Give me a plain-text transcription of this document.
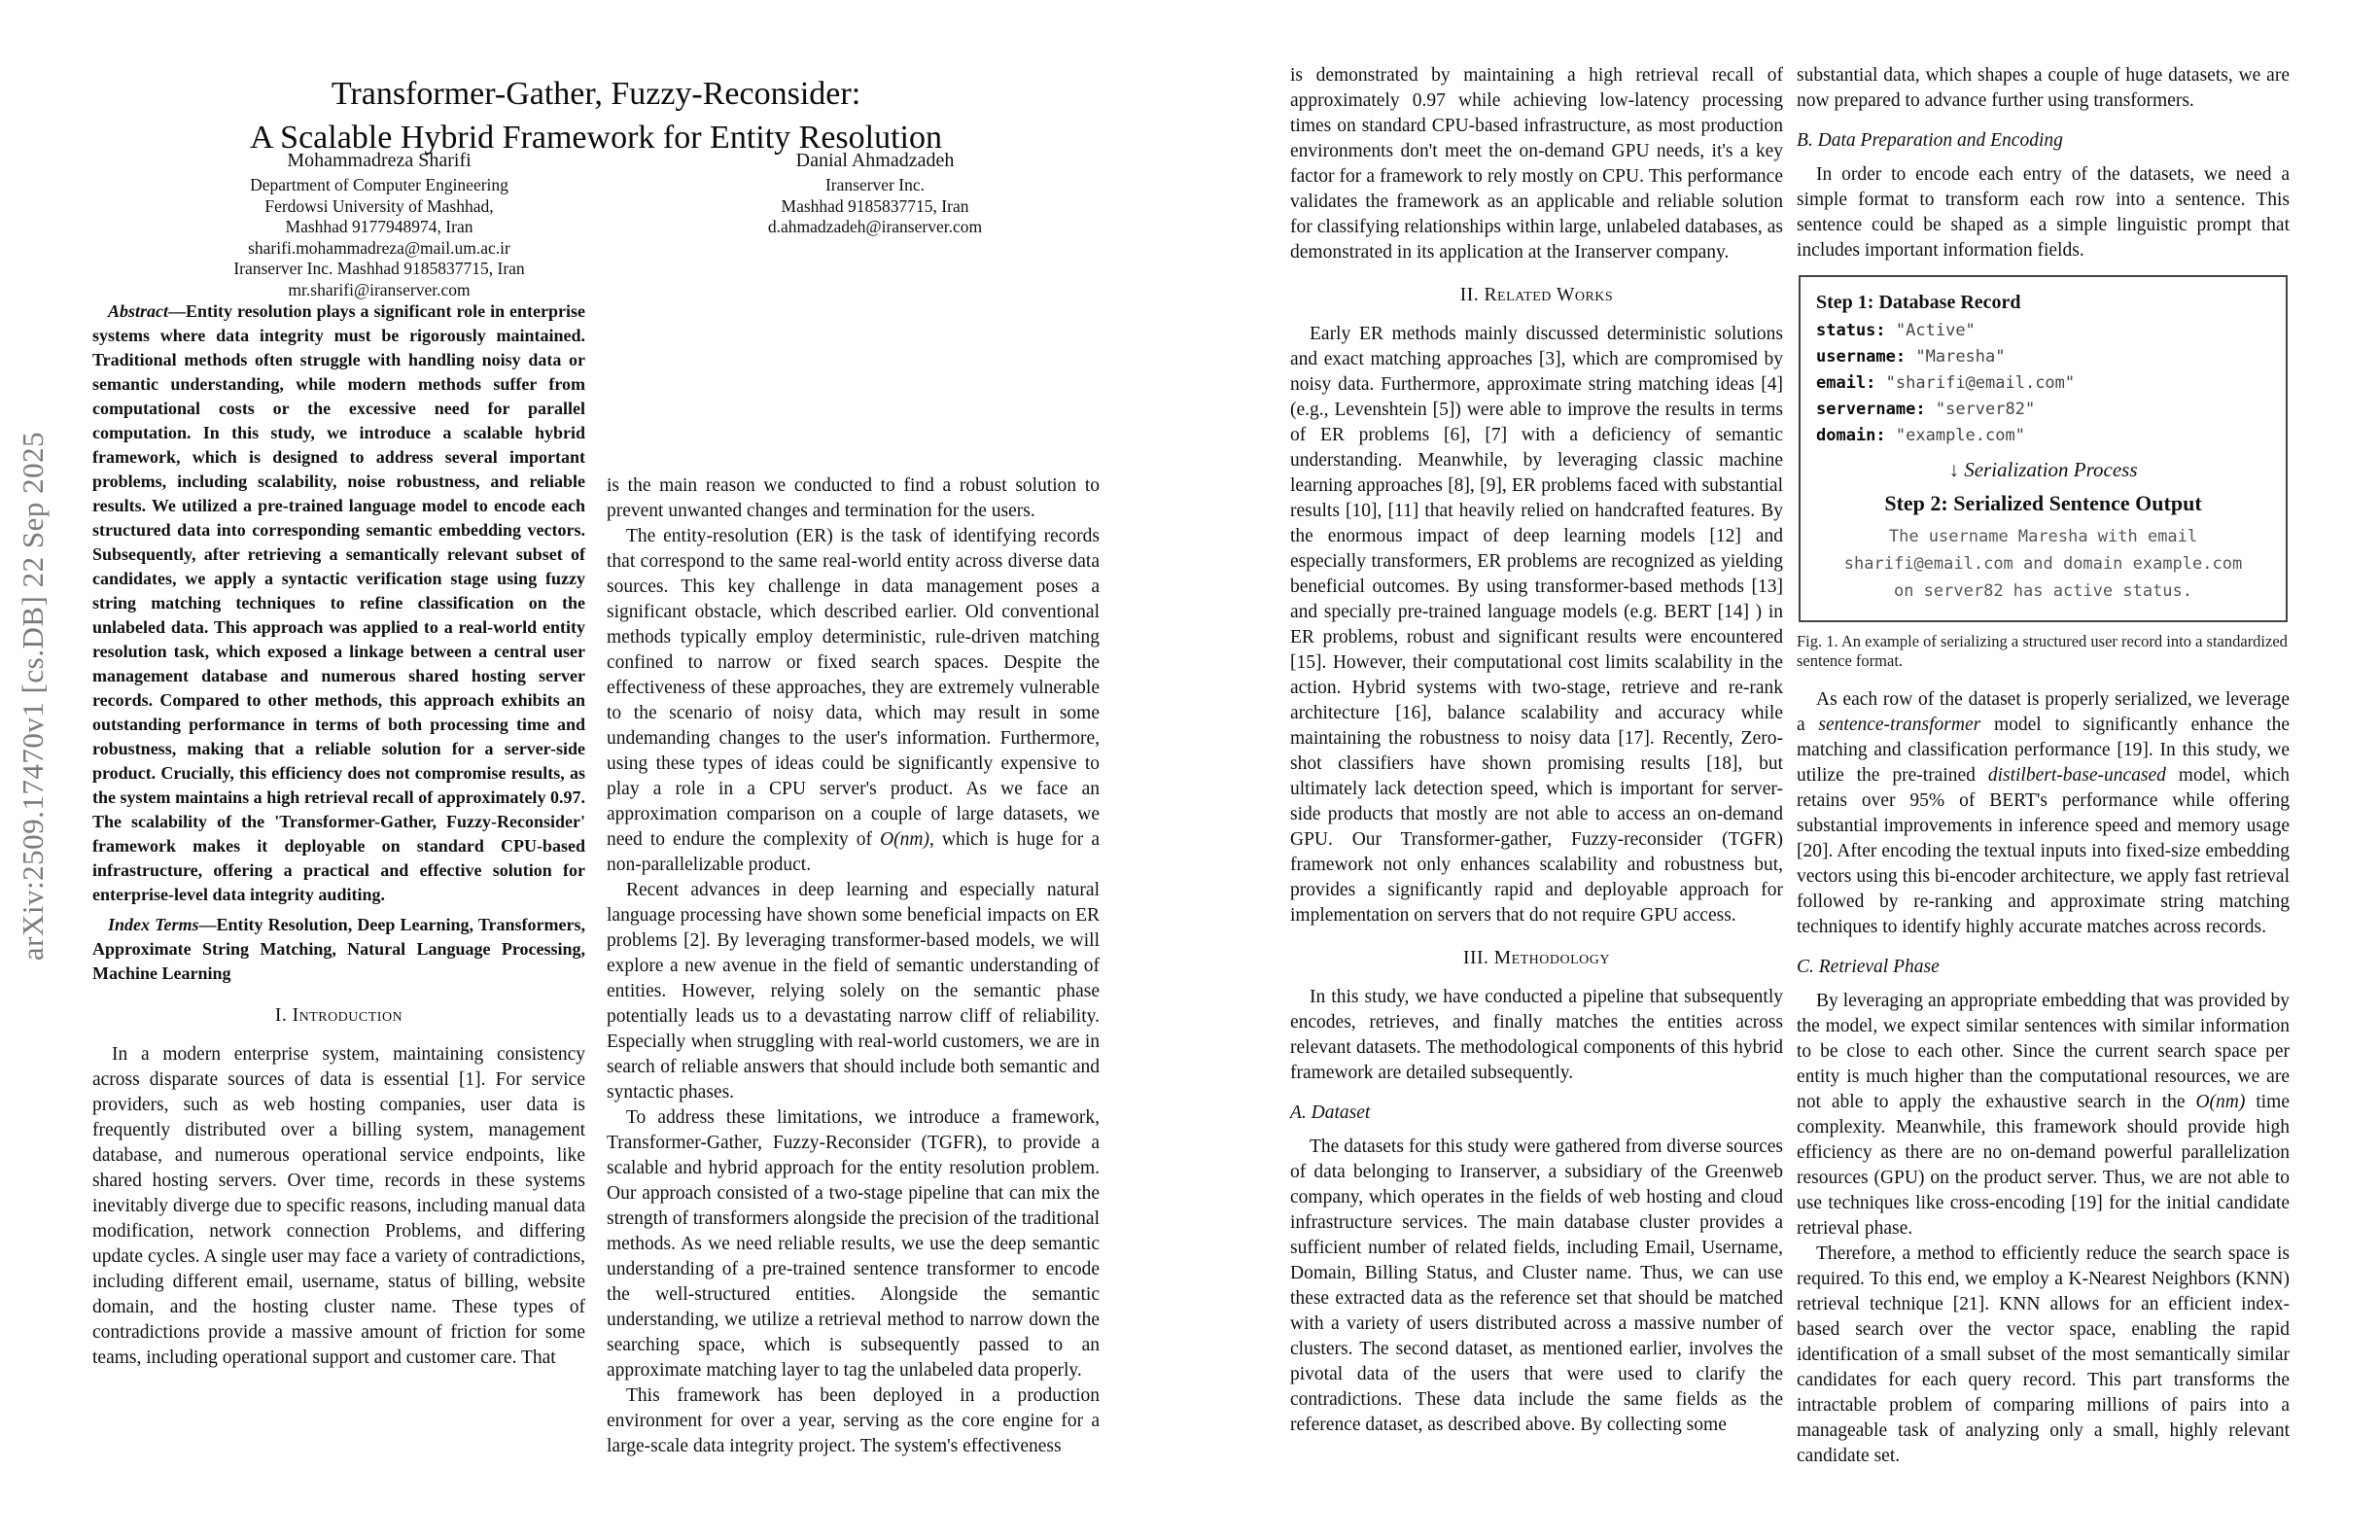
arXiv:2509.17470v1 [cs.DB] 22 Sep 2025
Transformer-Gather, Fuzzy-Reconsider:
A Scalable Hybrid Framework for Entity Resolution
Mohammadreza Sharifi
Department of Computer Engineering
Ferdowsi University of Mashhad,
Mashhad 9177948974, Iran
sharifi.mohammadreza@mail.um.ac.ir
Iranserver Inc. Mashhad 9185837715, Iran
mr.sharifi@iranserver.com
Danial Ahmadzadeh
Iranserver Inc.
Mashhad 9185837715, Iran
d.ahmadzadeh@iranserver.com

Abstract—Entity resolution plays a significant role in enterprise systems where data integrity must be rigorously maintained. Traditional methods often struggle with handling noisy data or semantic understanding, while modern methods suffer from computational costs or the excessive need for parallel computation. In this study, we introduce a scalable hybrid framework, which is designed to address several important problems, including scalability, noise robustness, and reliable results. We utilized a pre-trained language model to encode each structured data into corresponding semantic embedding vectors. Subsequently, after retrieving a semantically relevant subset of candidates, we apply a syntactic verification stage using fuzzy string matching techniques to refine classification on the unlabeled data. This approach was applied to a real-world entity resolution task, which exposed a linkage between a central user management database and numerous shared hosting server records. Compared to other methods, this approach exhibits an outstanding performance in terms of both processing time and robustness, making that a reliable solution for a server-side product. Crucially, this efficiency does not compromise results, as the system maintains a high retrieval recall of approximately 0.97. The scalability of the 'Transformer-Gather, Fuzzy-Reconsider' framework makes it deployable on standard CPU-based infrastructure, offering a practical and effective solution for enterprise-level data integrity auditing.

Index Terms—Entity Resolution, Deep Learning, Transformers, Approximate String Matching, Natural Language Processing, Machine Learning

I. Introduction

In a modern enterprise system, maintaining consistency across disparate sources of data is essential [1]. For service providers, such as web hosting companies, user data is frequently distributed over a billing system, management database, and numerous operational service endpoints, like shared hosting servers. Over time, records in these systems inevitably diverge due to specific reasons, including manual data modification, network connection Problems, and differing update cycles. A single user may face a variety of contradictions, including different email, username, status of billing, website domain, and the hosting cluster name. These types of contradictions provide a massive amount of friction for some teams, including operational support and customer care. That

is the main reason we conducted to find a robust solution to prevent unwanted changes and termination for the users.

The entity-resolution (ER) is the task of identifying records that correspond to the same real-world entity across diverse data sources. This key challenge in data management poses a significant obstacle, which described earlier. Old conventional methods typically employ deterministic, rule-driven matching confined to narrow or fixed search spaces. Despite the effectiveness of these approaches, they are extremely vulnerable to the scenario of noisy data, which may result in some undemanding changes to the user's information. Furthermore, using these types of ideas could be significantly expensive to play a role in a CPU server's product. As we face an approximation comparison on a couple of large datasets, we need to endure the complexity of O(nm), which is huge for a non-parallelizable product.

Recent advances in deep learning and especially natural language processing have shown some beneficial impacts on ER problems [2]. By leveraging transformer-based models, we will explore a new avenue in the field of semantic understanding of entities. However, relying solely on the semantic phase potentially leads us to a devastating narrow cliff of reliability. Especially when struggling with real-world customers, we are in search of reliable answers that should include both semantic and syntactic phases.

To address these limitations, we introduce a framework, Transformer-Gather, Fuzzy-Reconsider (TGFR), to provide a scalable and hybrid approach for the entity resolution problem. Our approach consisted of a two-stage pipeline that can mix the strength of transformers alongside the precision of the traditional methods. As we need reliable results, we use the deep semantic understanding of a pre-trained sentence transformer to encode the well-structured entities. Alongside the semantic understanding, we utilize a retrieval method to narrow down the searching space, which is subsequently passed to an approximate matching layer to tag the unlabeled data properly.

This framework has been deployed in a production environment for over a year, serving as the core engine for a large-scale data integrity project. The system's effectiveness

is demonstrated by maintaining a high retrieval recall of approximately 0.97 while achieving low-latency processing times on standard CPU-based infrastructure, as most production environments don't meet the on-demand GPU needs, it's a key factor for a framework to rely mostly on CPU. This performance validates the framework as an applicable and reliable solution for classifying relationships within large, unlabeled databases, as demonstrated in its application at the Iranserver company.

II. Related Works

Early ER methods mainly discussed deterministic solutions and exact matching approaches [3], which are compromised by noisy data. Furthermore, approximate string matching ideas [4] (e.g., Levenshtein [5]) were able to improve the results in terms of ER problems [6], [7] with a deficiency of semantic understanding. Meanwhile, by leveraging classic machine learning approaches [8], [9], ER problems faced with substantial results [10], [11] that heavily relied on handcrafted features. By the enormous impact of deep learning models [12] and especially transformers, ER problems are recognized as yielding beneficial outcomes. By using transformer-based methods [13] and specially pre-trained language models (e.g. BERT [14] ) in ER problems, robust and significant results were encountered [15]. However, their computational cost limits scalability in the action. Hybrid systems with two-stage, retrieve and re-rank architecture [16], balance scalability and accuracy while maintaining the robustness to noisy data [17]. Recently, Zero-shot classifiers have shown promising results [18], but ultimately lack detection speed, which is important for server-side products that mostly are not able to access an on-demand GPU. Our Transformer-gather, Fuzzy-reconsider (TGFR) framework not only enhances scalability and robustness but, provides a significantly rapid and deployable approach for implementation on servers that do not require GPU access.

III. Methodology

In this study, we have conducted a pipeline that subsequently encodes, retrieves, and finally matches the entities across relevant datasets. The methodological components of this hybrid framework are detailed subsequently.

A. Dataset

The datasets for this study were gathered from diverse sources of data belonging to Iranserver, a subsidiary of the Greenweb company, which operates in the fields of web hosting and cloud infrastructure services. The main database cluster provides a sufficient number of related fields, including Email, Username, Domain, Billing Status, and Cluster name. Thus, we can use these extracted data as the reference set that should be matched with a variety of users distributed across a massive number of clusters. The second dataset, as mentioned earlier, involves the pivotal data of the users that were used to clarify the contradictions. These data include the same fields as the reference dataset, as described above. By collecting some

substantial data, which shapes a couple of huge datasets, we are now prepared to advance further using transformers.

B. Data Preparation and Encoding

In order to encode each entry of the datasets, we need a simple format to transform each row into a sentence. This sentence could be shaped as a simple linguistic prompt that includes important information fields.

Step 1: Database Record
status: "Active"
username: "Maresha"
email: "sharifi@email.com"
servername: "server82"
domain: "example.com"
↓ Serialization Process
Step 2: Serialized Sentence Output
The username Maresha with email
sharifi@email.com and domain example.com
on server82 has active status.

Fig. 1. An example of serializing a structured user record into a standardized sentence format.

As each row of the dataset is properly serialized, we leverage a sentence-transformer model to significantly enhance the matching and classification performance [19]. In this study, we utilize the pre-trained distilbert-base-uncased model, which retains over 95% of BERT's performance while offering substantial improvements in inference speed and memory usage [20]. After encoding the textual inputs into fixed-size embedding vectors using this bi-encoder architecture, we apply fast retrieval followed by re-ranking and approximate string matching techniques to identify highly accurate matches across records.

C. Retrieval Phase

By leveraging an appropriate embedding that was provided by the model, we expect similar sentences with similar information to be close to each other. Since the current search space per entity is much higher than the computational resources, we are not able to apply the exhaustive search in the O(nm) time complexity. Meanwhile, this framework should provide high efficiency as there are no on-demand powerful parallelization resources (GPU) on the product server. Thus, we are not able to use techniques like cross-encoding [19] for the initial candidate retrieval phase.

Therefore, a method to efficiently reduce the search space is required. To this end, we employ a K-Nearest Neighbors (KNN) retrieval technique [21]. KNN allows for an efficient index-based search over the vector space, enabling the rapid identification of a small subset of the most semantically similar candidates for each query record. This part transforms the intractable problem of comparing millions of pairs into a manageable task of analyzing only a small, highly relevant candidate set.
